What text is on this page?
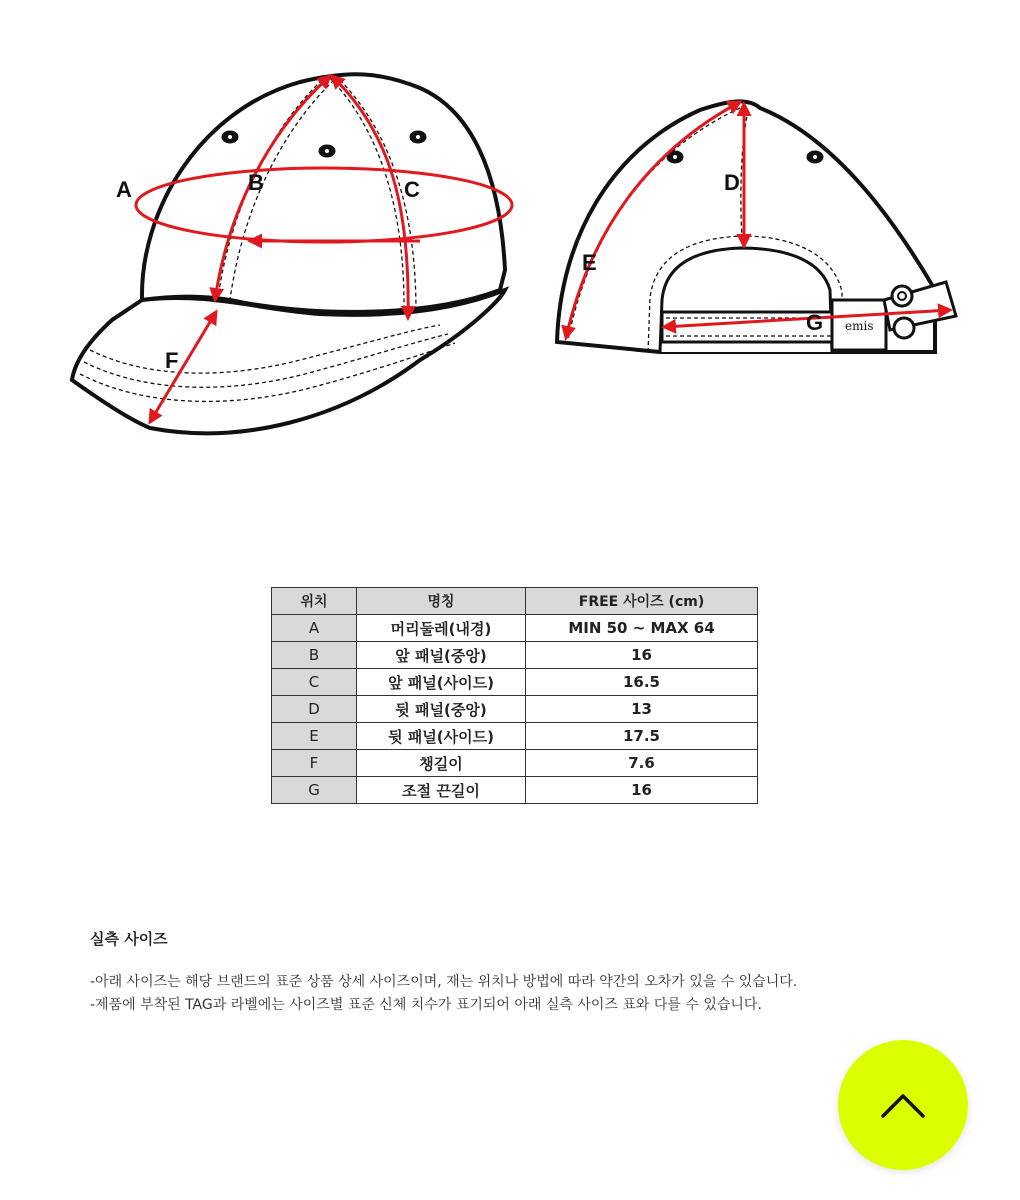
A	B	C
F
emis
D
E
G
위치	명칭	FREE 사이즈 (cm)
A	머리둘레(내경)	MIN 50 ~ MAX 64
B	앞 패널(중앙)	16
C	앞 패널(사이드)	16.5
D	뒷 패널(중앙)	13
E	뒷 패널(사이드)	17.5
F	챙길이	7.6
G	조절 끈길이	16

실측 사이즈

-아래 사이즈는 해당 브랜드의 표준 상품 상세 사이즈이며, 재는 위치나 방법에 따라 약간의 오차가 있을 수 있습니다.

-제품에 부착된 TAG과 라벨에는 사이즈별 표준 신체 치수가 표기되어 아래 실측 사이즈 표와 다를 수 있습니다.
